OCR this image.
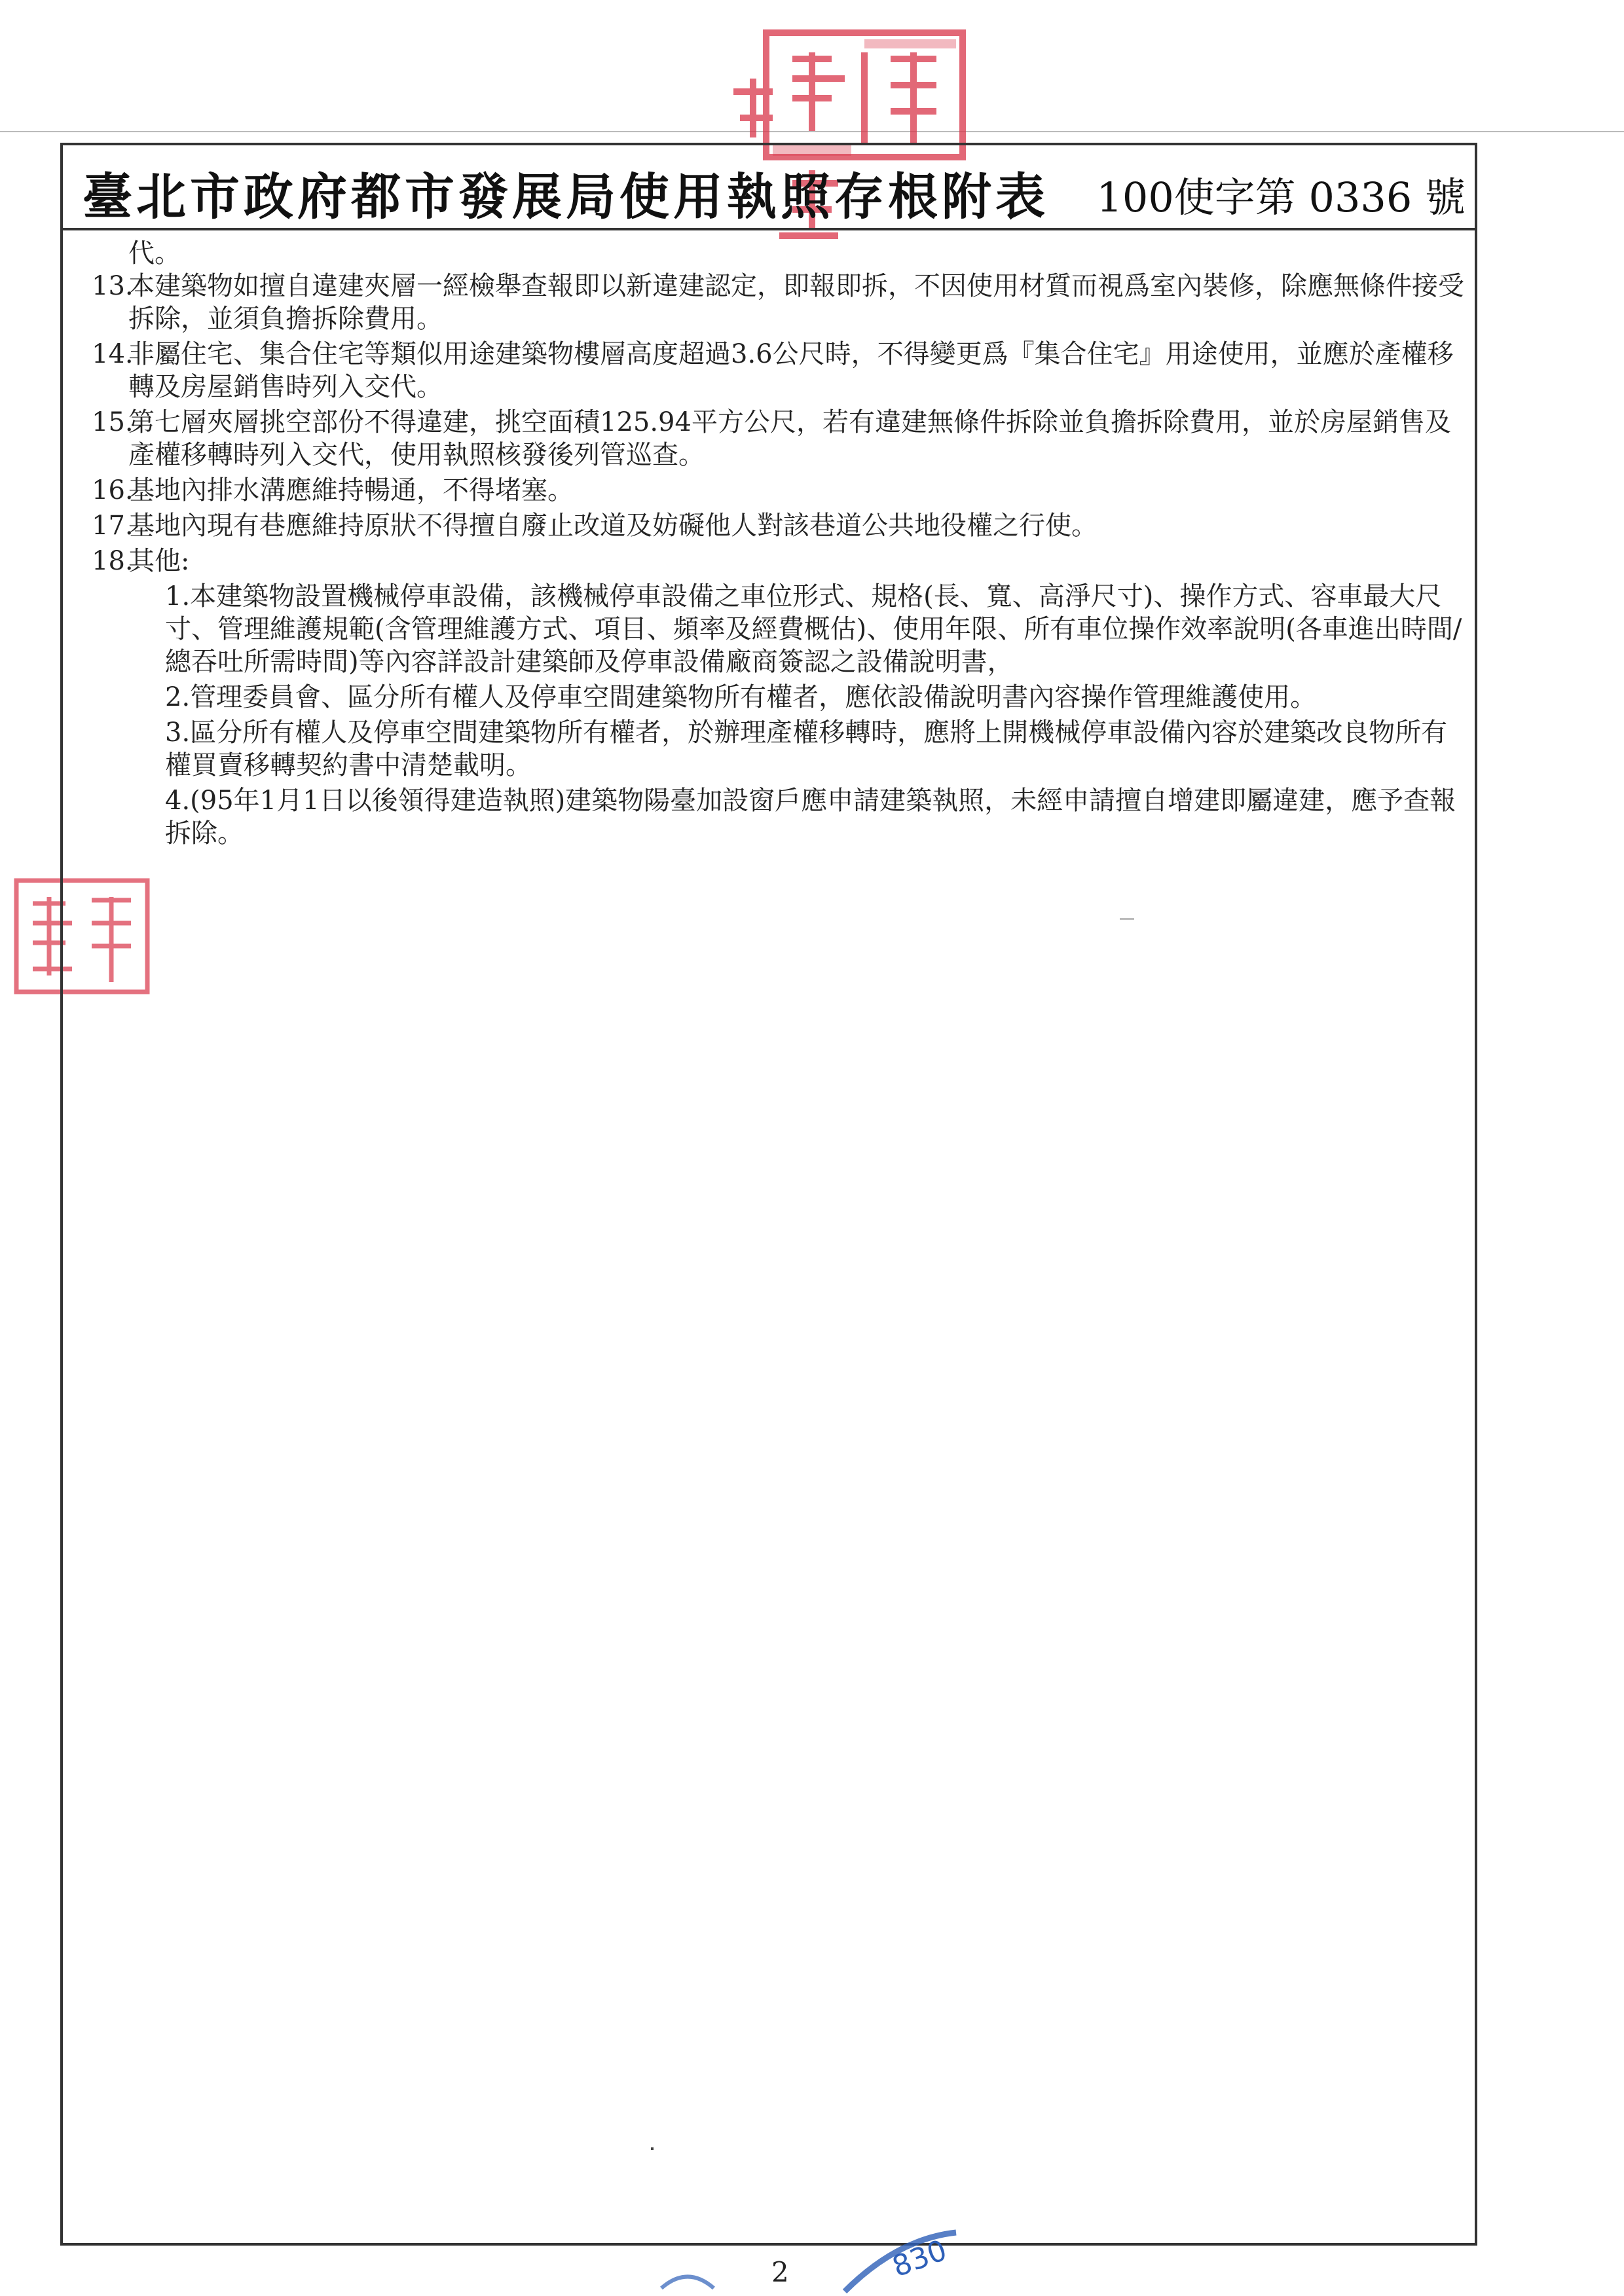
臺北市政府都市發展局使用執照存根附表 100使字第 0336 號
代。
13.
本建築物如擅自違建夾層一經檢舉查報即以新違建認定，即報即拆，不因使用材質而視爲室內裝修，除應無條件接受拆除，並須負擔拆除費用。
14.
非屬住宅、集合住宅等類似用途建築物樓層高度超過3.6公尺時，不得變更爲『集合住宅』用途使用，並應於產權移轉及房屋銷售時列入交代。
15.
第七層夾層挑空部份不得違建，挑空面積125.94平方公尺，若有違建無條件拆除並負擔拆除費用，並於房屋銷售及產權移轉時列入交代，使用執照核發後列管巡查。
16.
基地內排水溝應維持暢通，不得堵塞。
17.
基地內現有巷應維持原狀不得擅自廢止改道及妨礙他人對該巷道公共地役權之行使。
18.
其他:
1.本建築物設置機械停車設備，該機械停車設備之車位形式、規格(長、寬、高淨尺寸)、操作方式、容車最大尺寸、管理維護規範(含管理維護方式、項目、頻率及經費概估)、使用年限、所有車位操作效率說明(各車進出時間/總吞吐所需時間)等內容詳設計建築師及停車設備廠商簽認之設備說明書，
2.管理委員會、區分所有權人及停車空間建築物所有權者，應依設備說明書內容操作管理維護使用。
3.區分所有權人及停車空間建築物所有權者，於辦理產權移轉時，應將上開機械停車設備內容於建築改良物所有權買賣移轉契約書中清楚載明。
4.(95年1月1日以後領得建造執照)建築物陽臺加設窗戶應申請建築執照，未經申請擅自增建即屬違建，應予查報拆除。
830
2
